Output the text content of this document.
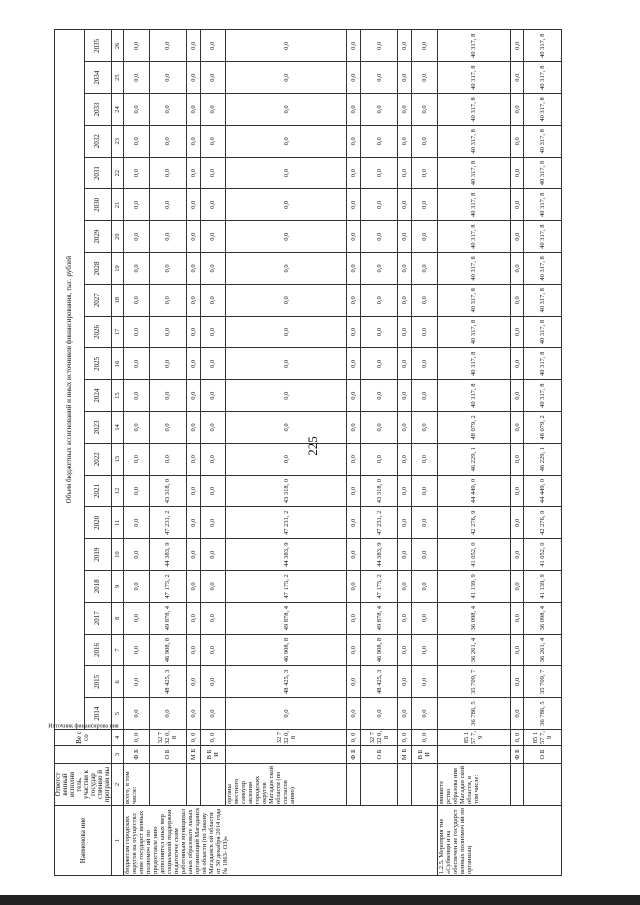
225
Наименова ние	Ответст венный исполни тель, участни к государ ственно й програм мы	Источник финансирова ния	Ве с со	Объем бюджетных ассигнований и иных источников финансирования, тыс. рублей																					
				2014	2015	2016	2017	2018	2019	2020	2021	2022	2023	2024	2025	2026	2027	2028	2029	2030	2031	2032	2033	2034	2035
1	2	3	4	5	6	7	8	9	10	11	12	13	14	15	16	17	18	19	20	21	22	23	24	25	26
бюджетам городских округов на осуществл ение государст венных полномоч ий по предоставле нию дополнител ьных мер социальной поддержки педагогиче ским работникам муниципал ьных образовате льных организаций Магаданск ой области (по Закону Магаданск ой области от 30 декабря 2014 года № 1863- ОЗ)»	всего, в том числе:	Ф Б	0, 0	0,0	0,0	0,0	0,0	0,0	0,0	0,0	0,0	0,0	0,0	0,0	0,0	0,0	0,0	0,0	0,0	0,0	0,0	0,0	0,0	0,0	0,0
		О Б	32 7 32 0, 8	0,0	48 425, 3	46 908, 8	49 878, 4	47 175, 2	44 383, 9	47 231, 2	43 318, 0	0,0	0,0	0,0	0,0	0,0	0,0	0,0	0,0	0,0	0,0	0,0	0,0	0,0	0,0
		М Б	0, 0	0,0	0,0	0,0	0,0	0,0	0,0	0,0	0,0	0,0	0,0	0,0	0,0	0,0	0,0	0,0	0,0	0,0	0,0	0,0	0,0	0,0	0,0
		В Б И	0, 0	0,0	0,0	0,0	0,0	0,0	0,0	0,0	0,0	0,0	0,0	0,0	0,0	0,0	0,0	0,0	0,0	0,0	0,0	0,0	0,0	0,0	0,0
	органы местного самоупр авления городских округов Магадан ской области (по согласов анию)		32 7 32 0, 8	0,0	48 425, 3	46 908, 8	49 878, 4	47 175, 2	44 383, 9	47 231, 2	43 318, 0	0,0	0,0	0,0	0,0	0,0	0,0	0,0	0,0	0,0	0,0	0,0	0,0	0,0	0,0
		Ф Б	0, 0	0,0	0,0	0,0	0,0	0,0	0,0	0,0	0,0	0,0	0,0	0,0	0,0	0,0	0,0	0,0	0,0	0,0	0,0	0,0	0,0	0,0	0,0
		О Б	32 7 32 0, 8	0,0	48 425, 3	46 908, 8	49 878, 4	47 175, 2	44 383, 9	47 231, 2	43 318, 0	0,0	0,0	0,0	0,0	0,0	0,0	0,0	0,0	0,0	0,0	0,0	0,0	0,0	0,0
		М Б	0, 0	0,0	0,0	0,0	0,0	0,0	0,0	0,0	0,0	0,0	0,0	0,0	0,0	0,0	0,0	0,0	0,0	0,0	0,0	0,0	0,0	0,0	0,0
		В Б И	0, 0	0,0	0,0	0,0	0,0	0,0	0,0	0,0	0,0	0,0	0,0	0,0	0,0	0,0	0,0	0,0	0,0	0,0	0,0	0,0	0,0	0,0	0,0
1.2.5. Мероприя тие «Субвенци и на обеспечен ие государст венных полномоч ий по организац	министе рство образова ния Магадан ской области, в том числе:		85 1 57 7, 9	36 786, 5	35 709, 7	36 261, 4	36 098, 4	41 139, 9	41 052, 0	42 276, 9	44 449, 0	46 229, 1	48 079, 2	40 317, 8	40 317, 8	40 317, 8	40 317, 8	40 317, 8	40 317, 8	40 317, 8	40 317, 8	40 317, 8	40 317, 8	40 317, 8	40 317, 8
		Ф Б	0, 0	0,0	0,0	0,0	0,0	0,0	0,0	0,0	0,0	0,0	0,0	0,0	0,0	0,0	0,0	0,0	0,0	0,0	0,0	0,0	0,0	0,0	0,0
		О Б	85 1 57 7, 9	36 786, 5	35 709, 7	36 261, 4	36 098, 4	41 139, 9	41 052, 0	42 276, 9	44 449, 0	46 229, 1	48 079, 2	40 317, 8	40 317, 8	40 317, 8	40 317, 8	40 317, 8	40 317, 8	40 317, 8	40 317, 8	40 317, 8	40 317, 8	40 317, 8	40 317, 8
